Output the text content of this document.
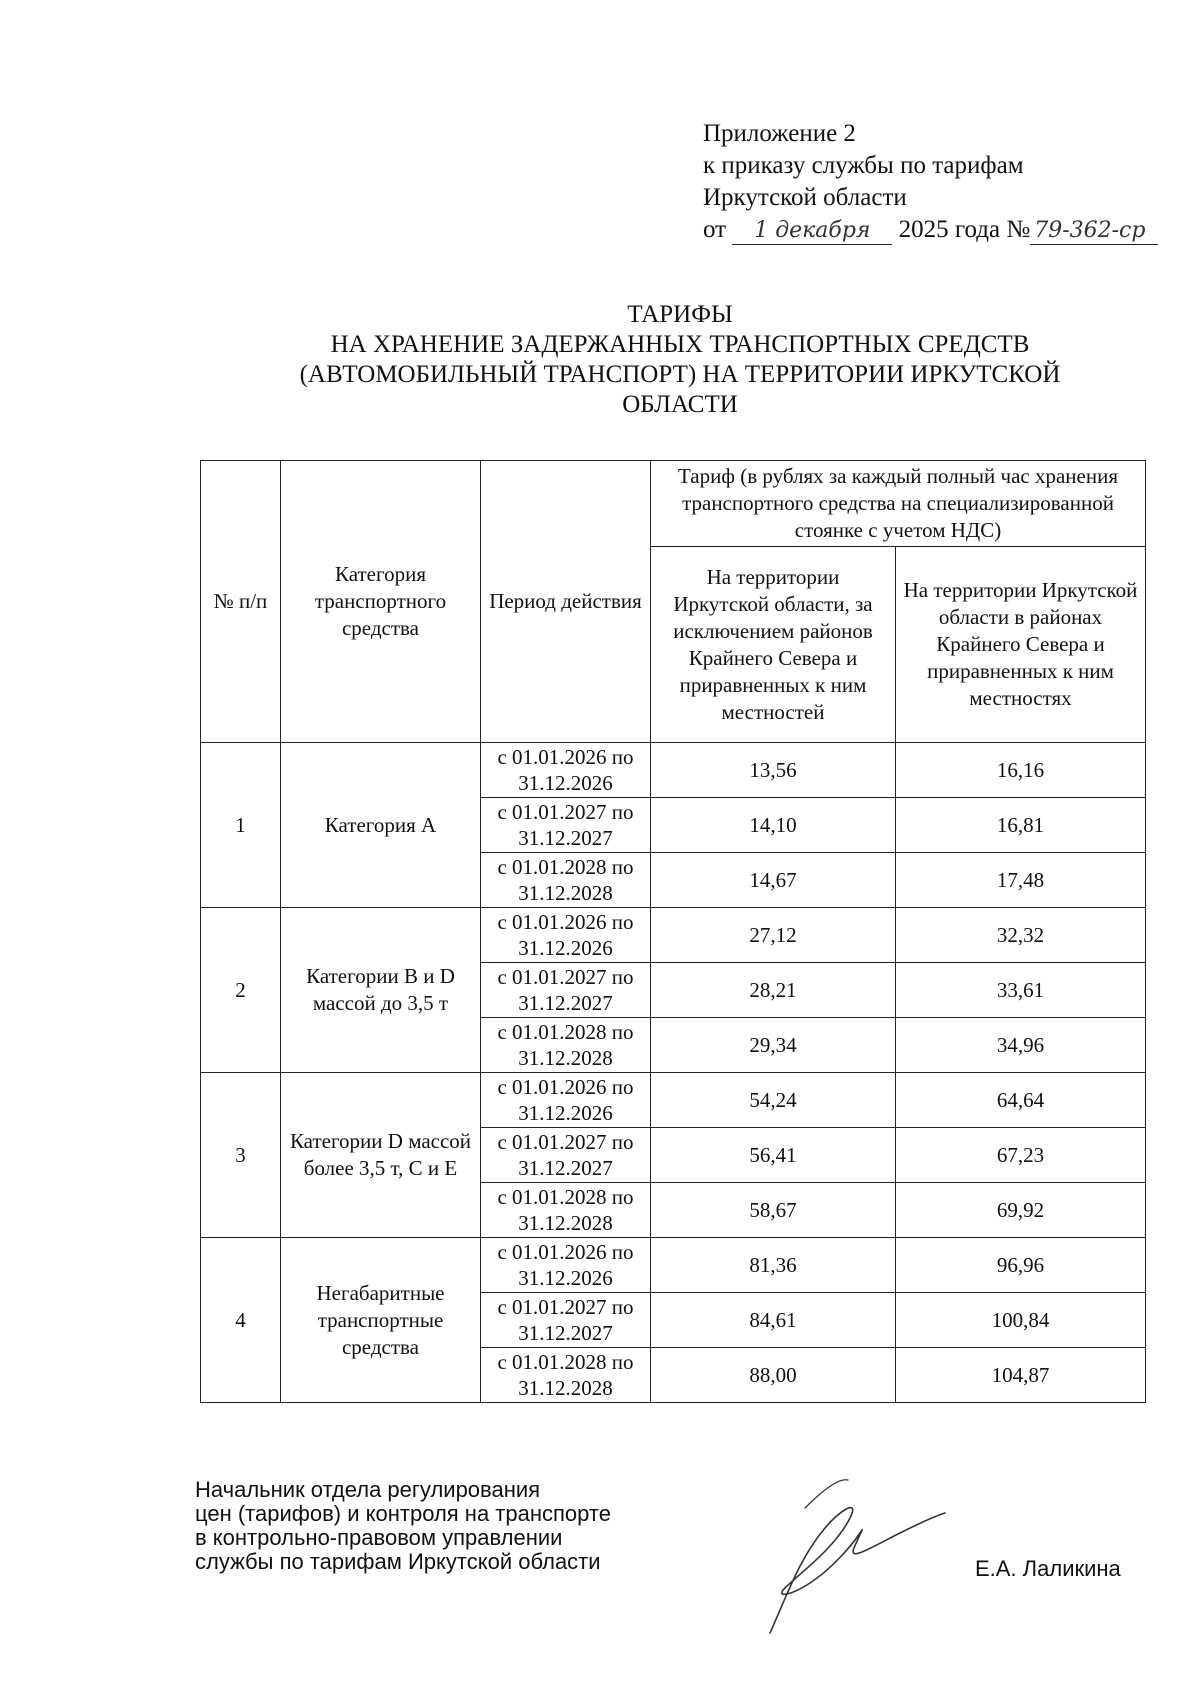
Приложение 2
к приказу службы по тарифам
Иркутской области
от 1 декабря 2025 года № 79-362-ср
ТАРИФЫ
НА ХРАНЕНИЕ ЗАДЕРЖАННЫХ ТРАНСПОРТНЫХ СРЕДСТВ
(АВТОМОБИЛЬНЫЙ ТРАНСПОРТ) НА ТЕРРИТОРИИ ИРКУТСКОЙ
ОБЛАСТИ
№ п/п	Категория транспортного средства	Период действия	Тариф (в рублях за каждый полный час хранения транспортного средства на специализированной стоянке с учетом НДС)	
			На территории Иркутской области, за исключением районов Крайнего Севера и приравненных к ним местностей	На территории Иркутской области в районах Крайнего Севера и приравненных к ним местностях
1	Категория А	с 01.01.2026 по 31.12.2026	13,56	16,16
		с 01.01.2027 по 31.12.2027	14,10	16,81
		с 01.01.2028 по 31.12.2028	14,67	17,48
2	Категории B и D массой до 3,5 т	с 01.01.2026 по 31.12.2026	27,12	32,32
		с 01.01.2027 по 31.12.2027	28,21	33,61
		с 01.01.2028 по 31.12.2028	29,34	34,96
3	Категории D массой более 3,5 т, C и E	с 01.01.2026 по 31.12.2026	54,24	64,64
		с 01.01.2027 по 31.12.2027	56,41	67,23
		с 01.01.2028 по 31.12.2028	58,67	69,92
4	Негабаритные транспортные средства	с 01.01.2026 по 31.12.2026	81,36	96,96
		с 01.01.2027 по 31.12.2027	84,61	100,84
		с 01.01.2028 по 31.12.2028	88,00	104,87
Начальник отдела регулирования
цен (тарифов) и контроля на транспорте
в контрольно-правовом управлении
службы по тарифам Иркутской области	Е.А. Лаликина
